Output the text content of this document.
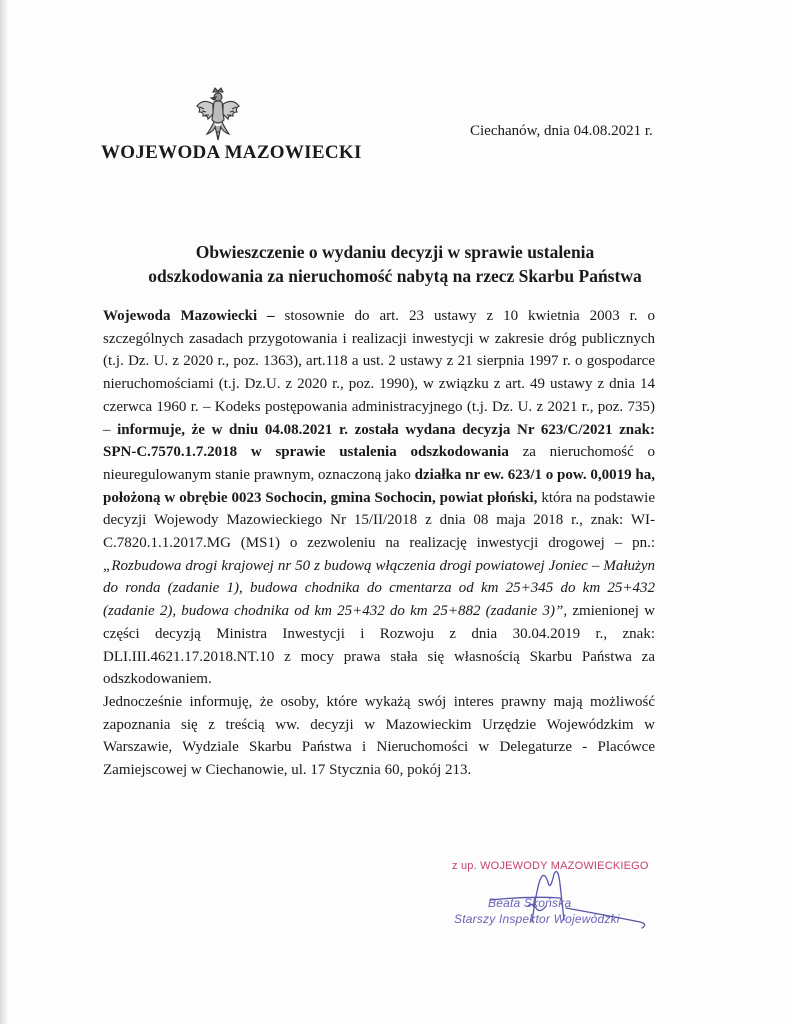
WOJEWODA MAZOWIECKI
Ciechanów, dnia 04.08.2021 r.
Obwieszczenie o wydaniu decyzji w sprawie ustalenia
odszkodowania za nieruchomość nabytą na rzecz Skarbu Państwa

Wojewoda Mazowiecki – stosownie do art. 23 ustawy z 10 kwietnia 2003 r. o szczególnych zasadach przygotowania i realizacji inwestycji w zakresie dróg publicznych (t.j. Dz. U. z 2020 r., poz. 1363), art.118 a ust. 2 ustawy z 21 sierpnia 1997 r. o gospodarce nieruchomościami (t.j. Dz.U. z 2020 r., poz. 1990), w związku z art. 49 ustawy z dnia 14 czerwca 1960 r. – Kodeks postępowania administracyjnego (t.j. Dz. U. z 2021 r., poz. 735) – informuje, że w dniu 04.08.2021 r. została wydana decyzja Nr 623/C/2021 znak: SPN-C.7570.1.7.2018 w sprawie ustalenia odszkodowania za nieruchomość o nieuregulowanym stanie prawnym, oznaczoną jako działka nr ew. 623/1 o pow. 0,0019 ha, położoną w obrębie 0023 Sochocin, gmina Sochocin, powiat płoński, która na podstawie decyzji Wojewody Mazowieckiego Nr 15/II/2018 z dnia 08 maja 2018 r., znak: WI-C.7820.1.1.2017.MG (MS1) o zezwoleniu na realizację inwestycji drogowej – pn.: „Rozbudowa drogi krajowej nr 50 z budową włączenia drogi powiatowej Joniec – Małużyn do ronda (zadanie 1), budowa chodnika do cmentarza od km 25+345 do km 25+432 (zadanie 2), budowa chodnika od km 25+432 do km 25+882 (zadanie 3)”, zmienionej w części decyzją Ministra Inwestycji i Rozwoju z dnia 30.04.2019 r., znak: DLI.III.4621.17.2018.NT.10 z mocy prawa stała się własnością Skarbu Państwa za odszkodowaniem.

Jednocześnie informuję, że osoby, które wykażą swój interes prawny mają możliwość zapoznania się z treścią ww. decyzji w Mazowieckim Urzędzie Wojewódzkim w Warszawie, Wydziale Skarbu Państwa i Nieruchomości w Delegaturze - Placówce Zamiejscowej w Ciechanowie, ul. 17 Stycznia 60, pokój 213.

z up. WOJEWODY MAZOWIECKIEGO
Beata Skońska
Starszy Inspektor Wojewódzki
